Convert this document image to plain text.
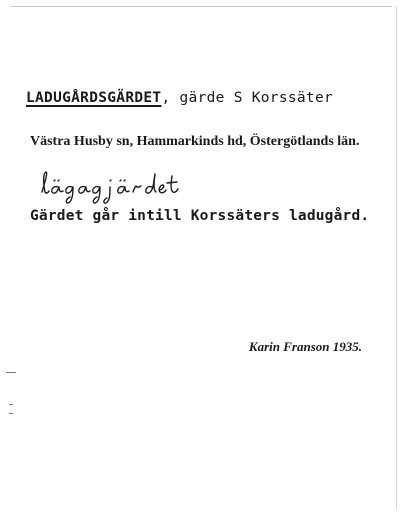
LADUGÅRDSGÄRDET, gärde S Korssäter
Västra Husby sn, Hammarkinds hd, Östergötlands län.
Gärdet går intill Korssäters ladugård.
Karin Franson 1935.
